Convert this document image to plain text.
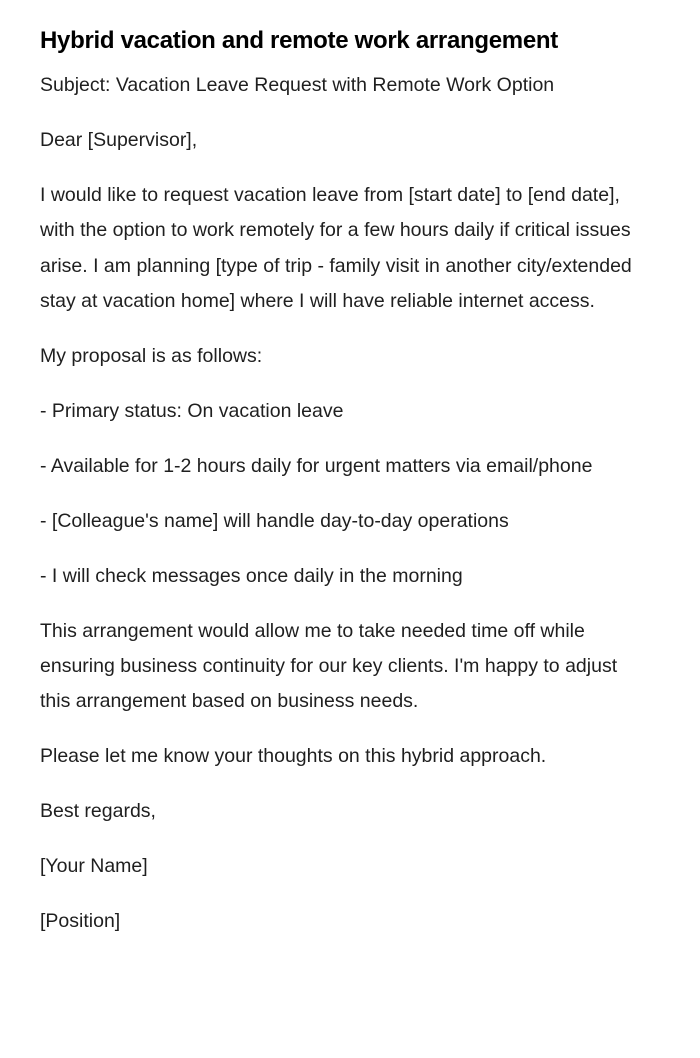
Hybrid vacation and remote work arrangement

Subject: Vacation Leave Request with Remote Work Option

Dear [Supervisor],

I would like to request vacation leave from [start date] to [end date], with the option to work remotely for a few hours daily if critical issues arise. I am planning [type of trip - family visit in another city/extended stay at vacation home] where I will have reliable internet access.

My proposal is as follows:

- Primary status: On vacation leave

- Available for 1-2 hours daily for urgent matters via email/phone

- [Colleague's name] will handle day-to-day operations

- I will check messages once daily in the morning

This arrangement would allow me to take needed time off while ensuring business continuity for our key clients. I'm happy to adjust this arrangement based on business needs.

Please let me know your thoughts on this hybrid approach.

Best regards,

[Your Name]

[Position]
